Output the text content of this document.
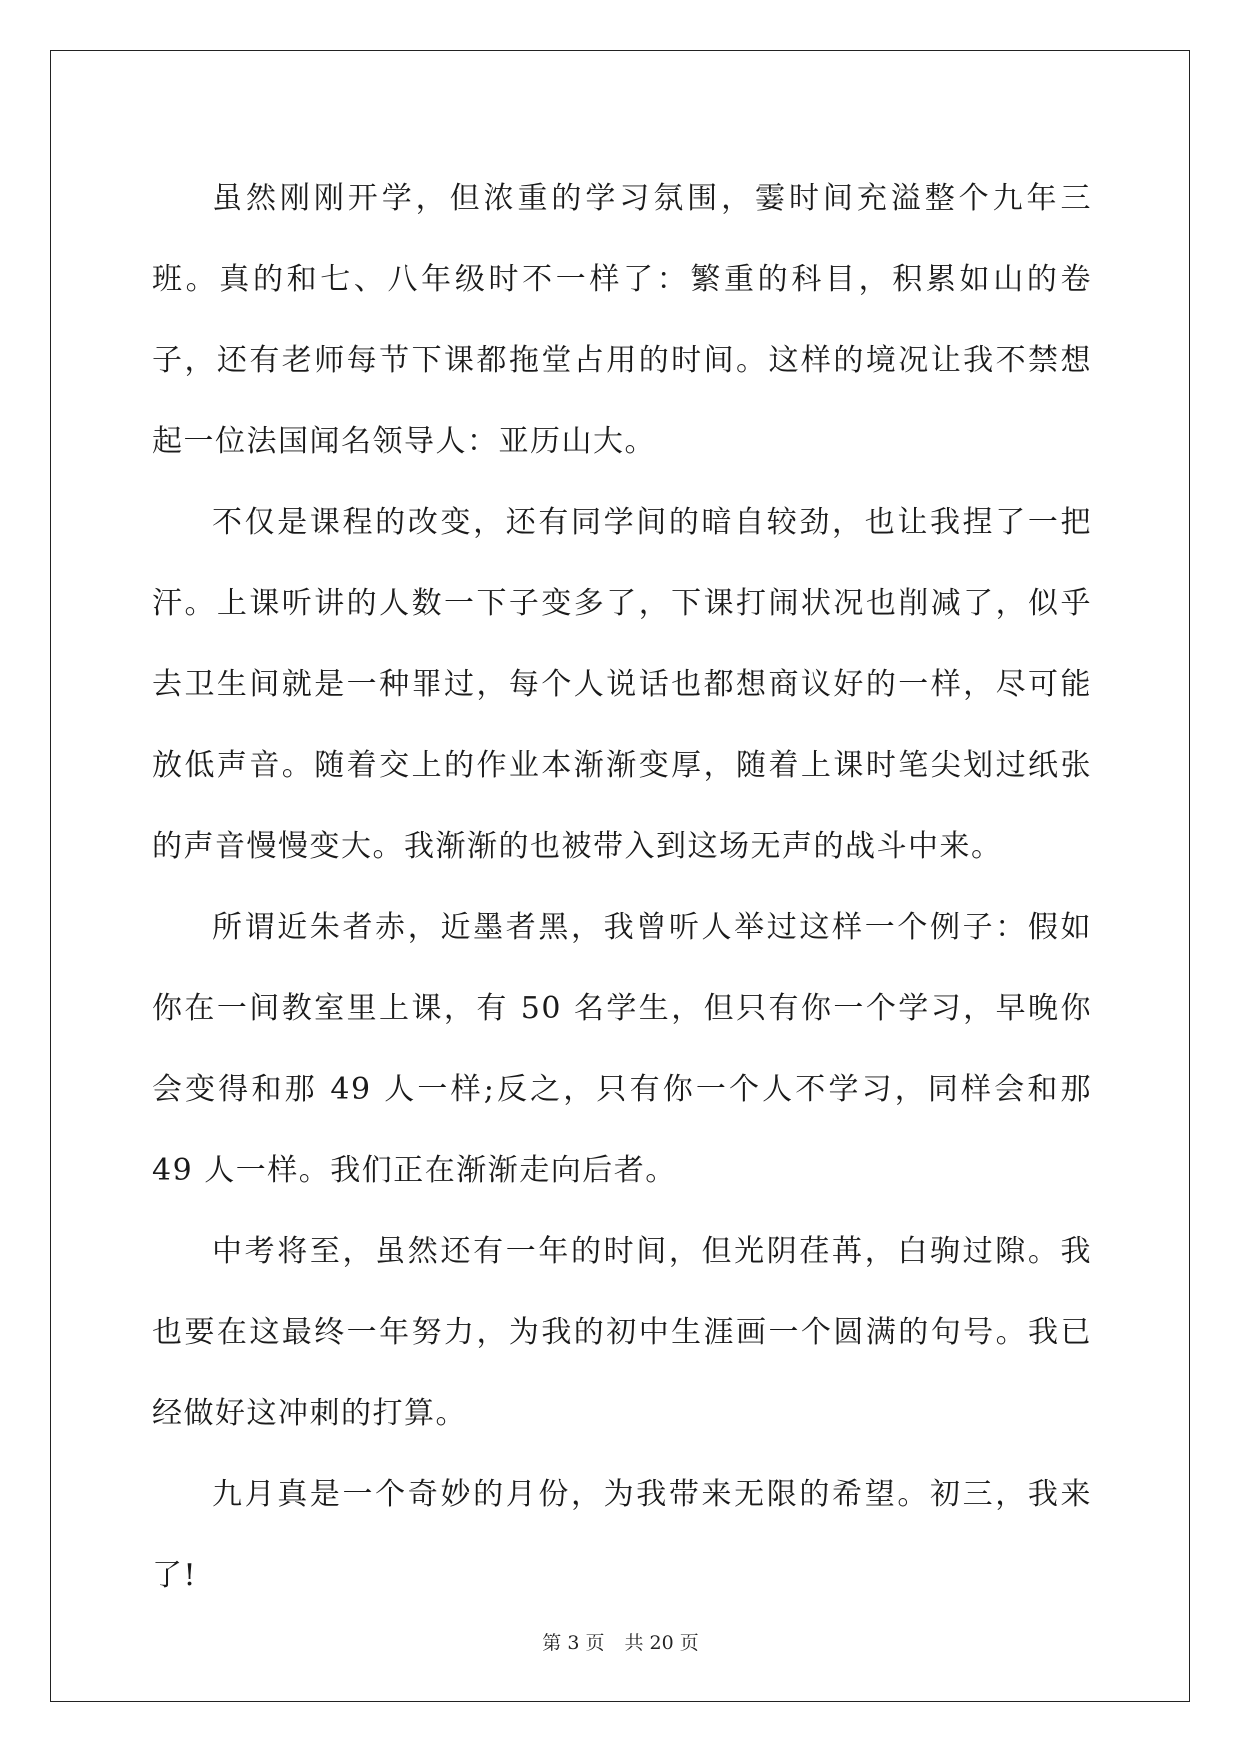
虽然刚刚开学，但浓重的学习氛围，霎时间充溢整个九年三班。真的和七、八年级时不一样了：繁重的科目，积累如山的卷子，还有老师每节下课都拖堂占用的时间。这样的境况让我不禁想起一位法国闻名领导人：亚历山大。

不仅是课程的改变，还有同学间的暗自较劲，也让我捏了一把汗。上课听讲的人数一下子变多了，下课打闹状况也削减了，似乎去卫生间就是一种罪过，每个人说话也都想商议好的一样，尽可能放低声音。随着交上的作业本渐渐变厚，随着上课时笔尖划过纸张的声音慢慢变大。我渐渐的也被带入到这场无声的战斗中来。

所谓近朱者赤，近墨者黑，我曾听人举过这样一个例子：假如你在一间教室里上课，有 50 名学生，但只有你一个学习，早晚你会变得和那 49 人一样;反之，只有你一个人不学习，同样会和那 49 人一样。我们正在渐渐走向后者。

中考将至，虽然还有一年的时间，但光阴荏苒，白驹过隙。我也要在这最终一年努力，为我的初中生涯画一个圆满的句号。我已经做好这冲刺的打算。

九月真是一个奇妙的月份，为我带来无限的希望。初三，我来了!

第 3 页 共 20 页
